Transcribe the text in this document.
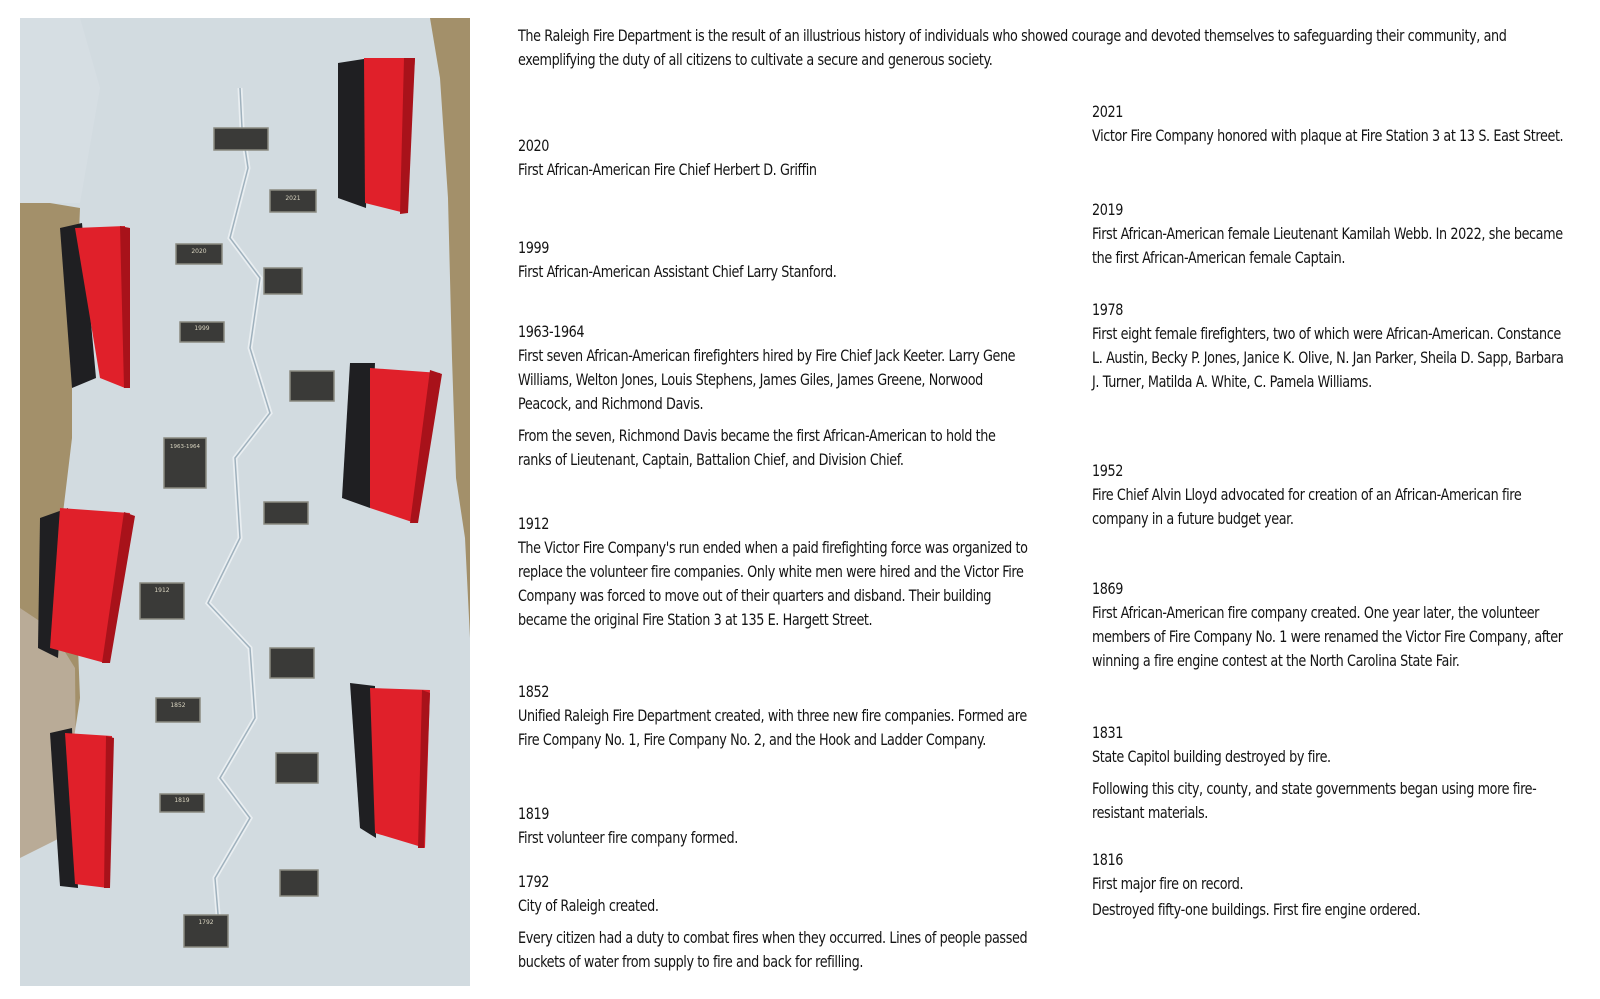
2021
2020
1999
1963-1964
1912
1852
1819
1792
The Raleigh Fire Department is the result of an illustrious history of individuals who showed courage and devoted themselves to safeguarding their community, and exemplifying the duty of all citizens to cultivate a secure and generous society.

2020

First African-American Fire Chief Herbert D. Griffin

1999

First African-American Assistant Chief Larry Stanford.

1963-1964

First seven African-American firefighters hired by Fire Chief Jack Keeter. Larry Gene Williams, Welton Jones, Louis Stephens, James Giles, James Greene, Norwood Peacock, and Richmond Davis.

From the seven, Richmond Davis became the first African-American to hold the ranks of Lieutenant, Captain, Battalion Chief, and Division Chief.

1912

The Victor Fire Company's run ended when a paid firefighting force was organized to replace the volunteer fire companies. Only white men were hired and the Victor Fire Company was forced to move out of their quarters and disband. Their building became the original Fire Station 3 at 135 E. Hargett Street.

1852

Unified Raleigh Fire Department created, with three new fire companies. Formed are Fire Company No. 1, Fire Company No. 2, and the Hook and Ladder Company.

1819

First volunteer fire company formed.

1792

City of Raleigh created.

Every citizen had a duty to combat fires when they occurred. Lines of people passed buckets of water from supply to fire and back for refilling.

2021

Victor Fire Company honored with plaque at Fire Station 3 at 13 S. East Street.

2019

First African-American female Lieutenant Kamilah Webb. In 2022, she became the first African-American female Captain.

1978

First eight female firefighters, two of which were African-American. Constance L. Austin, Becky P. Jones, Janice K. Olive, N. Jan Parker, Sheila D. Sapp, Barbara J. Turner, Matilda A. White, C. Pamela Williams.

1952

Fire Chief Alvin Lloyd advocated for creation of an African-American fire company in a future budget year.

1869

First African-American fire company created. One year later, the volunteer members of Fire Company No. 1 were renamed the Victor Fire Company, after winning a fire engine contest at the North Carolina State Fair.

1831

State Capitol building destroyed by fire.

Following this city, county, and state governments began using more fire-resistant materials.

1816

First major fire on record.

Destroyed fifty-one buildings. First fire engine ordered.
